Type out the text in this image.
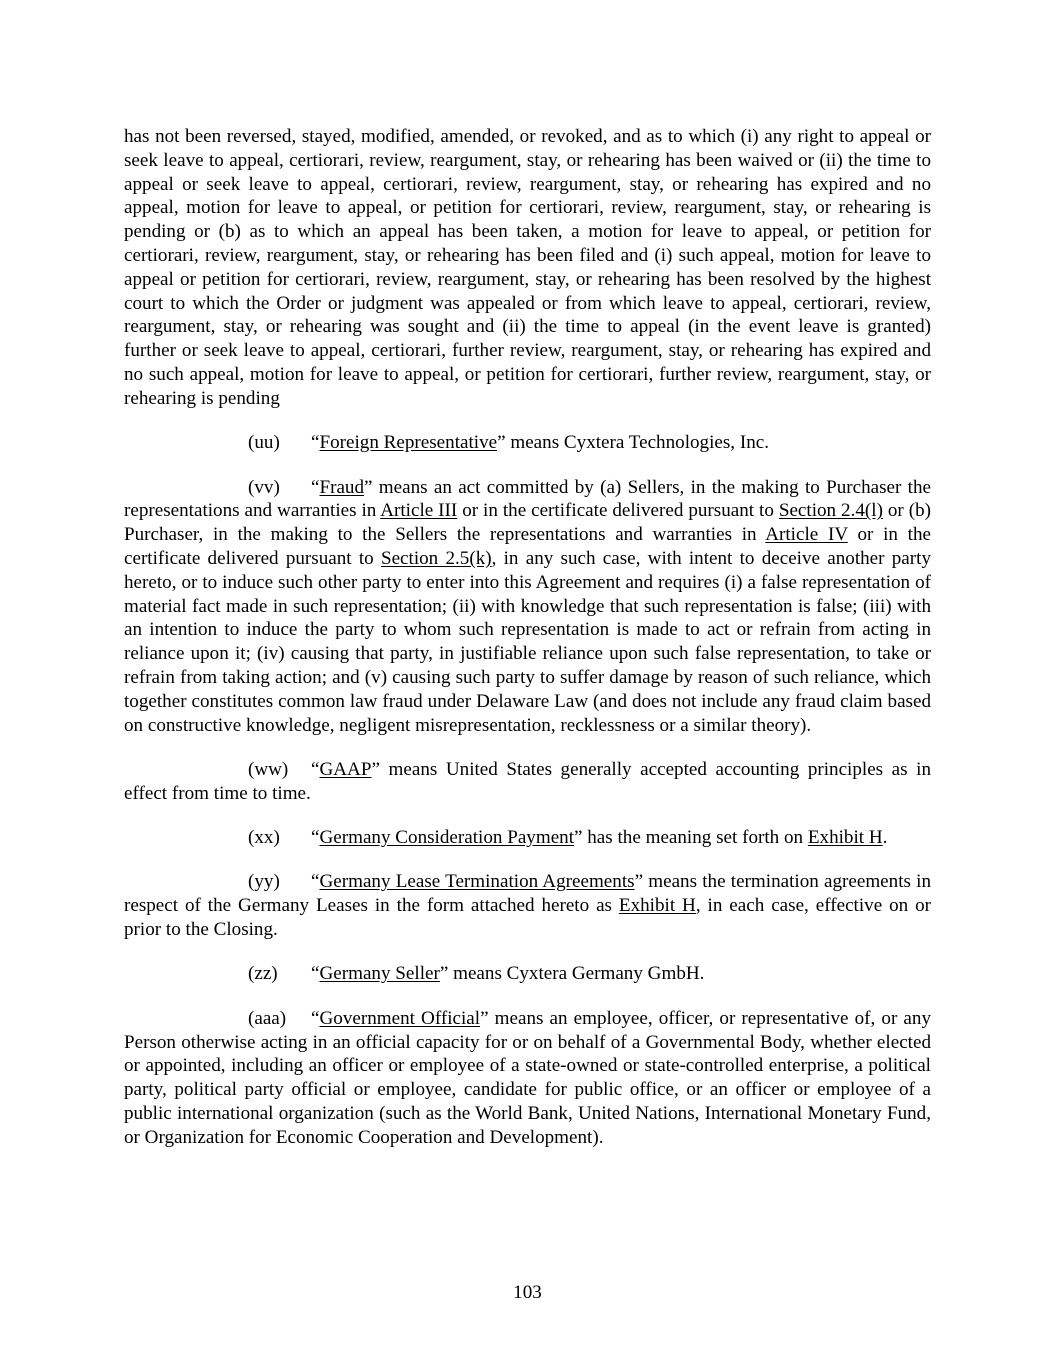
has not been reversed, stayed, modified, amended, or revoked, and as to which (i) any right to appeal or seek leave to appeal, certiorari, review, reargument, stay, or rehearing has been waived or (ii) the time to appeal or seek leave to appeal, certiorari, review, reargument, stay, or rehearing has expired and no appeal, motion for leave to appeal, or petition for certiorari, review, reargument, stay, or rehearing is pending or (b) as to which an appeal has been taken, a motion for leave to appeal, or petition for certiorari, review, reargument, stay, or rehearing has been filed and (i) such appeal, motion for leave to appeal or petition for certiorari, review, reargument, stay, or rehearing has been resolved by the highest court to which the Order or judgment was appealed or from which leave to appeal, certiorari, review, reargument, stay, or rehearing was sought and (ii) the time to appeal (in the event leave is granted) further or seek leave to appeal, certiorari, further review, reargument, stay, or rehearing has expired and no such appeal, motion for leave to appeal, or petition for certiorari, further review, reargument, stay, or rehearing is pending

(uu) “Foreign Representative” means Cyxtera Technologies, Inc.

(vv) “Fraud” means an act committed by (a) Sellers, in the making to Purchaser the representations and warranties in Article III or in the certificate delivered pursuant to Section 2.4(l) or (b) Purchaser, in the making to the Sellers the representations and warranties in Article IV or in the certificate delivered pursuant to Section 2.5(k), in any such case, with intent to deceive another party hereto, or to induce such other party to enter into this Agreement and requires (i) a false representation of material fact made in such representation; (ii) with knowledge that such representation is false; (iii) with an intention to induce the party to whom such representation is made to act or refrain from acting in reliance upon it; (iv) causing that party, in justifiable reliance upon such false representation, to take or refrain from taking action; and (v) causing such party to suffer damage by reason of such reliance, which together constitutes common law fraud under Delaware Law (and does not include any fraud claim based on constructive knowledge, negligent misrepresentation, recklessness or a similar theory).

(ww) “GAAP” means United States generally accepted accounting principles as in effect from time to time.

(xx) “Germany Consideration Payment” has the meaning set forth on Exhibit H.

(yy) “Germany Lease Termination Agreements” means the termination agreements in respect of the Germany Leases in the form attached hereto as Exhibit H, in each case, effective on or prior to the Closing.

(zz) “Germany Seller” means Cyxtera Germany GmbH.

(aaa) “Government Official” means an employee, officer, or representative of, or any Person otherwise acting in an official capacity for or on behalf of a Governmental Body, whether elected or appointed, including an officer or employee of a state-owned or state-controlled enterprise, a political party, political party official or employee, candidate for public office, or an officer or employee of a public international organization (such as the World Bank, United Nations, International Monetary Fund, or Organization for Economic Cooperation and Development).

103
